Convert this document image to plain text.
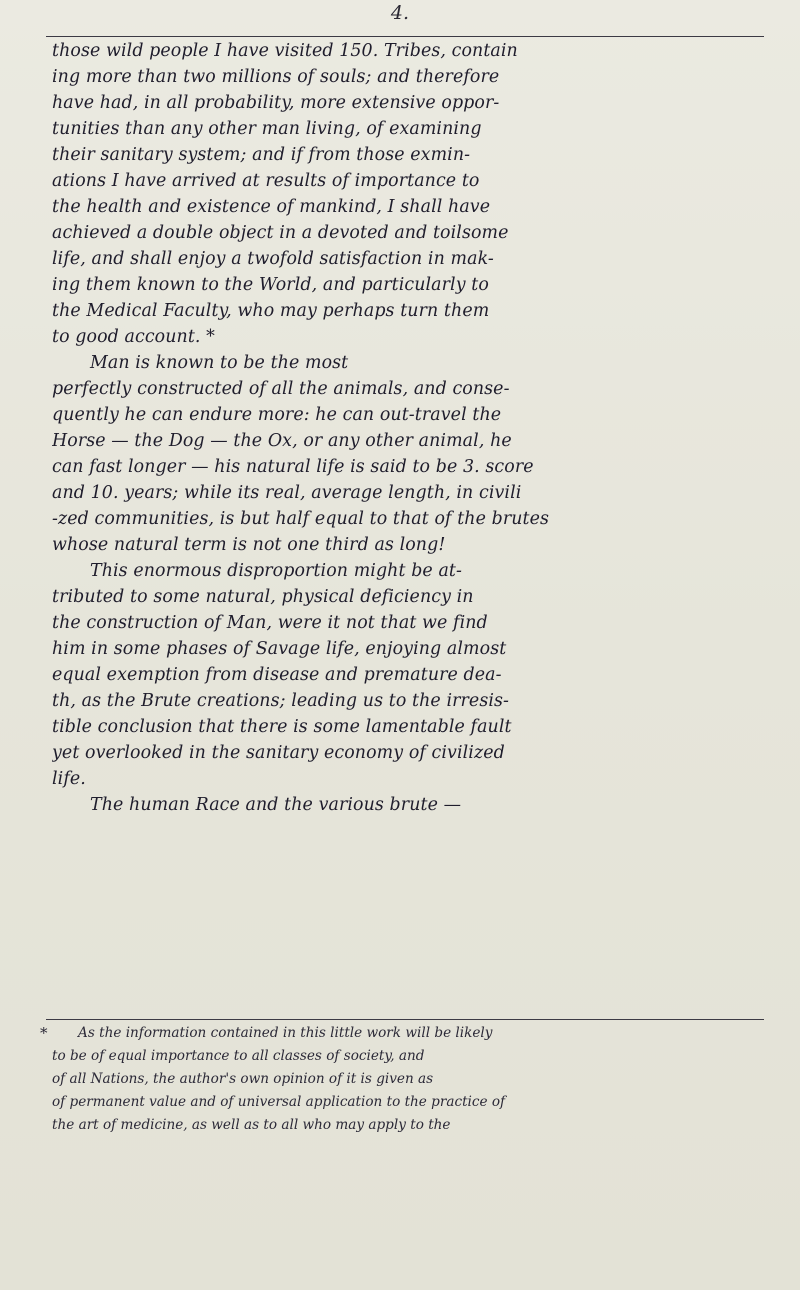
4.
those wild people I have visited 150. Tribes, contain
ing more than two millions of souls; and therefore
have had, in all probability, more extensive oppor-
tunities than any other man living, of examining
their sanitary system; and if from those exmin-
ations I have arrived at results of importance to
the health and existence of mankind, I shall have
achieved a double object in a devoted and toilsome
life, and shall enjoy a twofold satisfaction in mak-
ing them known to the World, and particularly to
the Medical Faculty, who may perhaps turn them
to good account. *
Man is known to be the most
perfectly constructed of all the animals, and conse-
quently he can endure more: he can out-travel the
Horse — the Dog — the Ox, or any other animal, he
can fast longer — his natural life is said to be 3. score
and 10. years; while its real, average length, in civili
-zed communities, is but half equal to that of the brutes
whose natural term is not one third as long!
This enormous disproportion might be at-
tributed to some natural, physical deficiency in
the construction of Man, were it not that we find
him in some phases of Savage life, enjoying almost
equal exemption from disease and premature dea-
th, as the Brute creations; leading us to the irresis-
tible conclusion that there is some lamentable fault
yet overlooked in the sanitary economy of civilized
life.
The human Race and the various brute —
*	As the information contained in this little work will be likely
to be of equal importance to all classes of society, and
of all Nations, the author's own opinion of it is given as
of permanent value and of universal application to the practice of
the art of medicine, as well as to all who may apply to the
